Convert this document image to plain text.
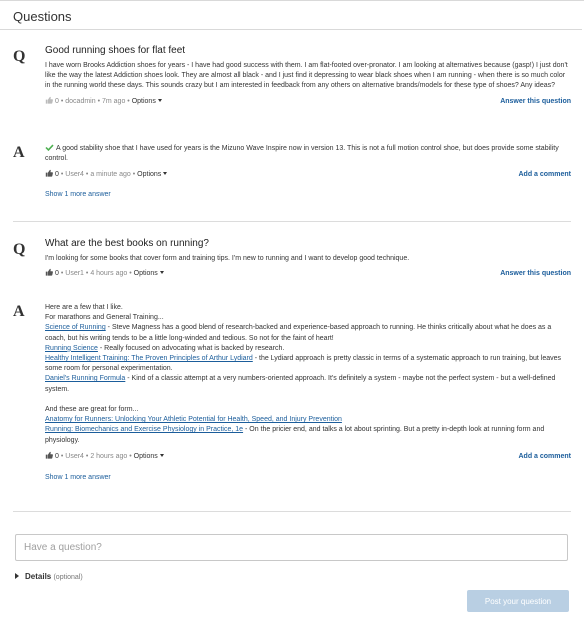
Questions
Q	Good running shoes for flat feet

I have worn Brooks Addiction shoes for years - I have had good success with them. I am flat-footed over-pronator. I am looking at alternatives because (gasp!) I just don't like the way the latest Addiction shoes look. They are almost all black - and I just find it depressing to wear black shoes when I am running - when there is so much color in the running world these days. This sounds crazy but I am interested in feedback from any others on alternative brands/models for these type of shoes? Any ideas?

0 • docadmin • 7m ago • Options	Answer this question
A	A good stability shoe that I have used for years is the Mizuno Wave Inspire now in version 13. This is not a full motion control shoe, but does provide some stability control.

0 • User4 • a minute ago • Options	Add a comment
Show 1 more answer
Q	What are the best books on running?

I'm looking for some books that cover form and training tips. I'm new to running and I want to develop good technique.

0 • User1 • 4 hours ago • Options	Answer this question
A	Here are a few that I like.
For marathons and General Training...
Science of Running - Steve Magness has a good blend of research-backed and experience-based approach to running. He thinks critically about what he does as a coach, but his writing tends to be a little long-winded and tedious. So not for the faint of heart!
Running Science - Really focused on advocating what is backed by research.
Healthy Intelligent Training: The Proven Principles of Arthur Lydiard - the Lydiard approach is pretty classic in terms of a systematic approach to run training, but leaves some room for personal experimentation.
Daniel's Running Formula - Kind of a classic attempt at a very numbers-oriented approach. It's definitely a system - maybe not the perfect system - but a well-defined system.
And these are great for form...
Anatomy for Runners: Unlocking Your Athletic Potential for Health, Speed, and Injury Prevention
Running: Biomechanics and Exercise Physiology in Practice, 1e - On the pricier end, and talks a lot about sprinting. But a pretty in-depth look at running form and physiology.
0 • User4 • 2 hours ago • Options	Add a comment
Show 1 more answer
Have a question?
Details (optional)
Post your question
